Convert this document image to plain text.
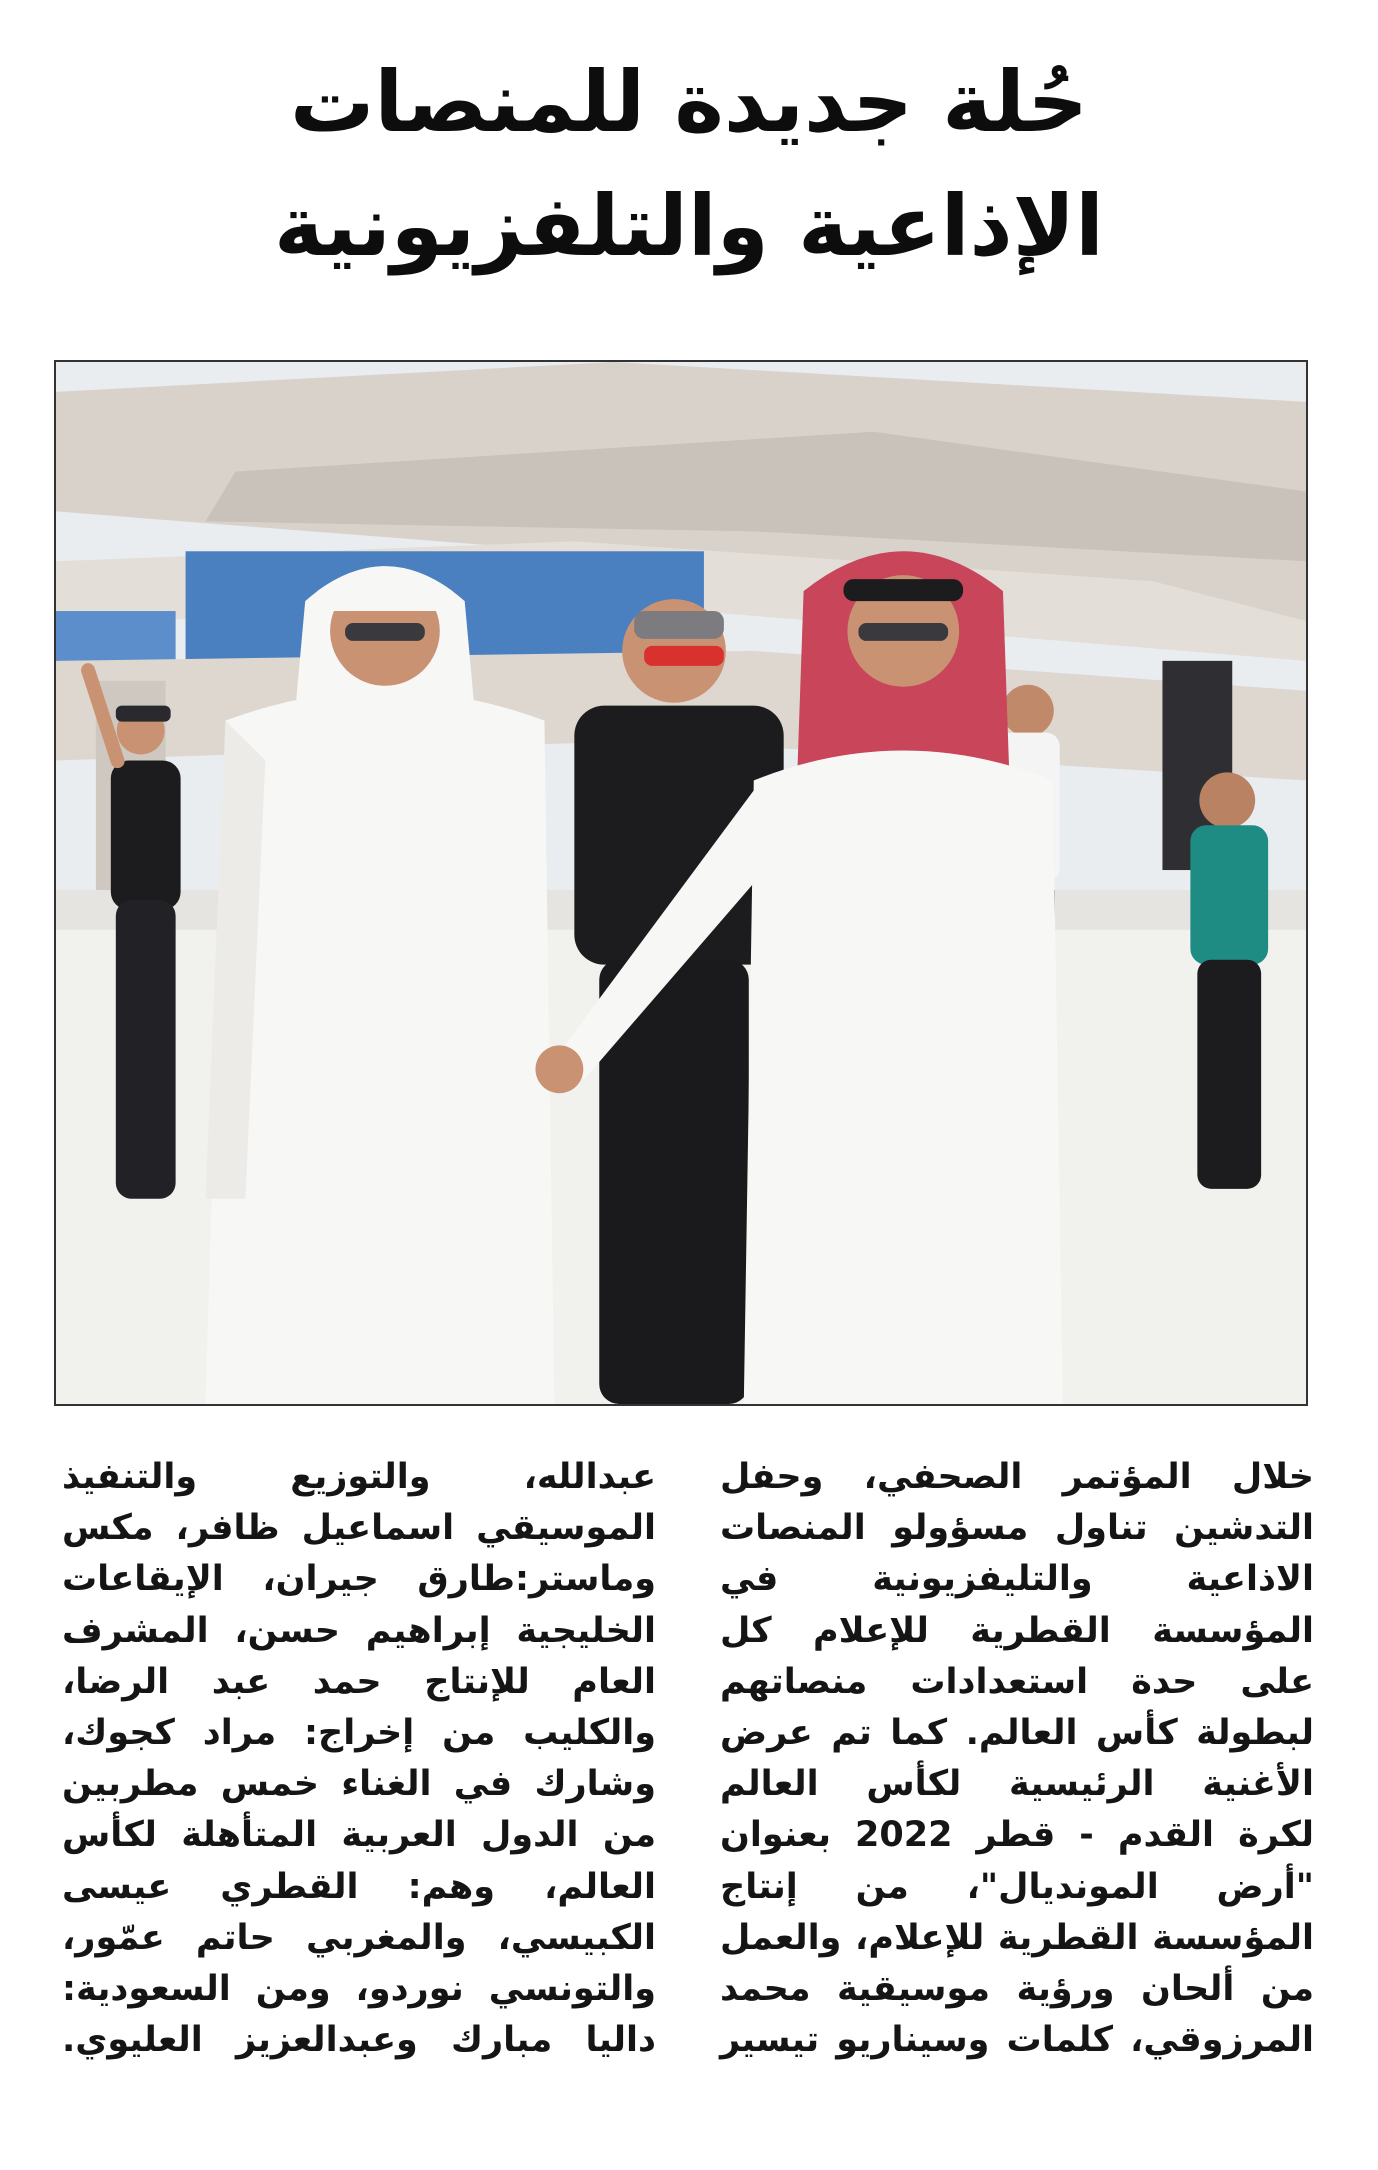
حُلة جديدة للمنصات
الإذاعية والتلفزيونية
خلال المؤتمر الصحفي، وحفل
التدشين تناول مسؤولو المنصات
الاذاعية والتليفزيونية في
المؤسسة القطرية للإعلام كل
على حدة استعدادات منصاتهم
لبطولة كأس العالم. كما تم عرض
الأغنية الرئيسية لكأس العالم
لكرة القدم - قطر 2022 بعنوان
"أرض المونديال"، من إنتاج
المؤسسة القطرية للإعلام، والعمل
من ألحان ورؤية موسيقية محمد
المرزوقي، كلمات وسيناريو تيسير
عبدالله، والتوزيع والتنفيذ
الموسيقي اسماعيل ظافر، مكس
وماستر:طارق جيران، الإيقاعات
الخليجية إبراهيم حسن، المشرف
العام للإنتاج حمد عبد الرضا،
والكليب من إخراج: مراد كجوك،
وشارك في الغناء خمس مطربين
من الدول العربية المتأهلة لكأس
العالم، وهم: القطري عيسى
الكبيسي، والمغربي حاتم عمّور،
والتونسي نوردو، ومن السعودية:
داليا مبارك وعبدالعزيز العليوي.
